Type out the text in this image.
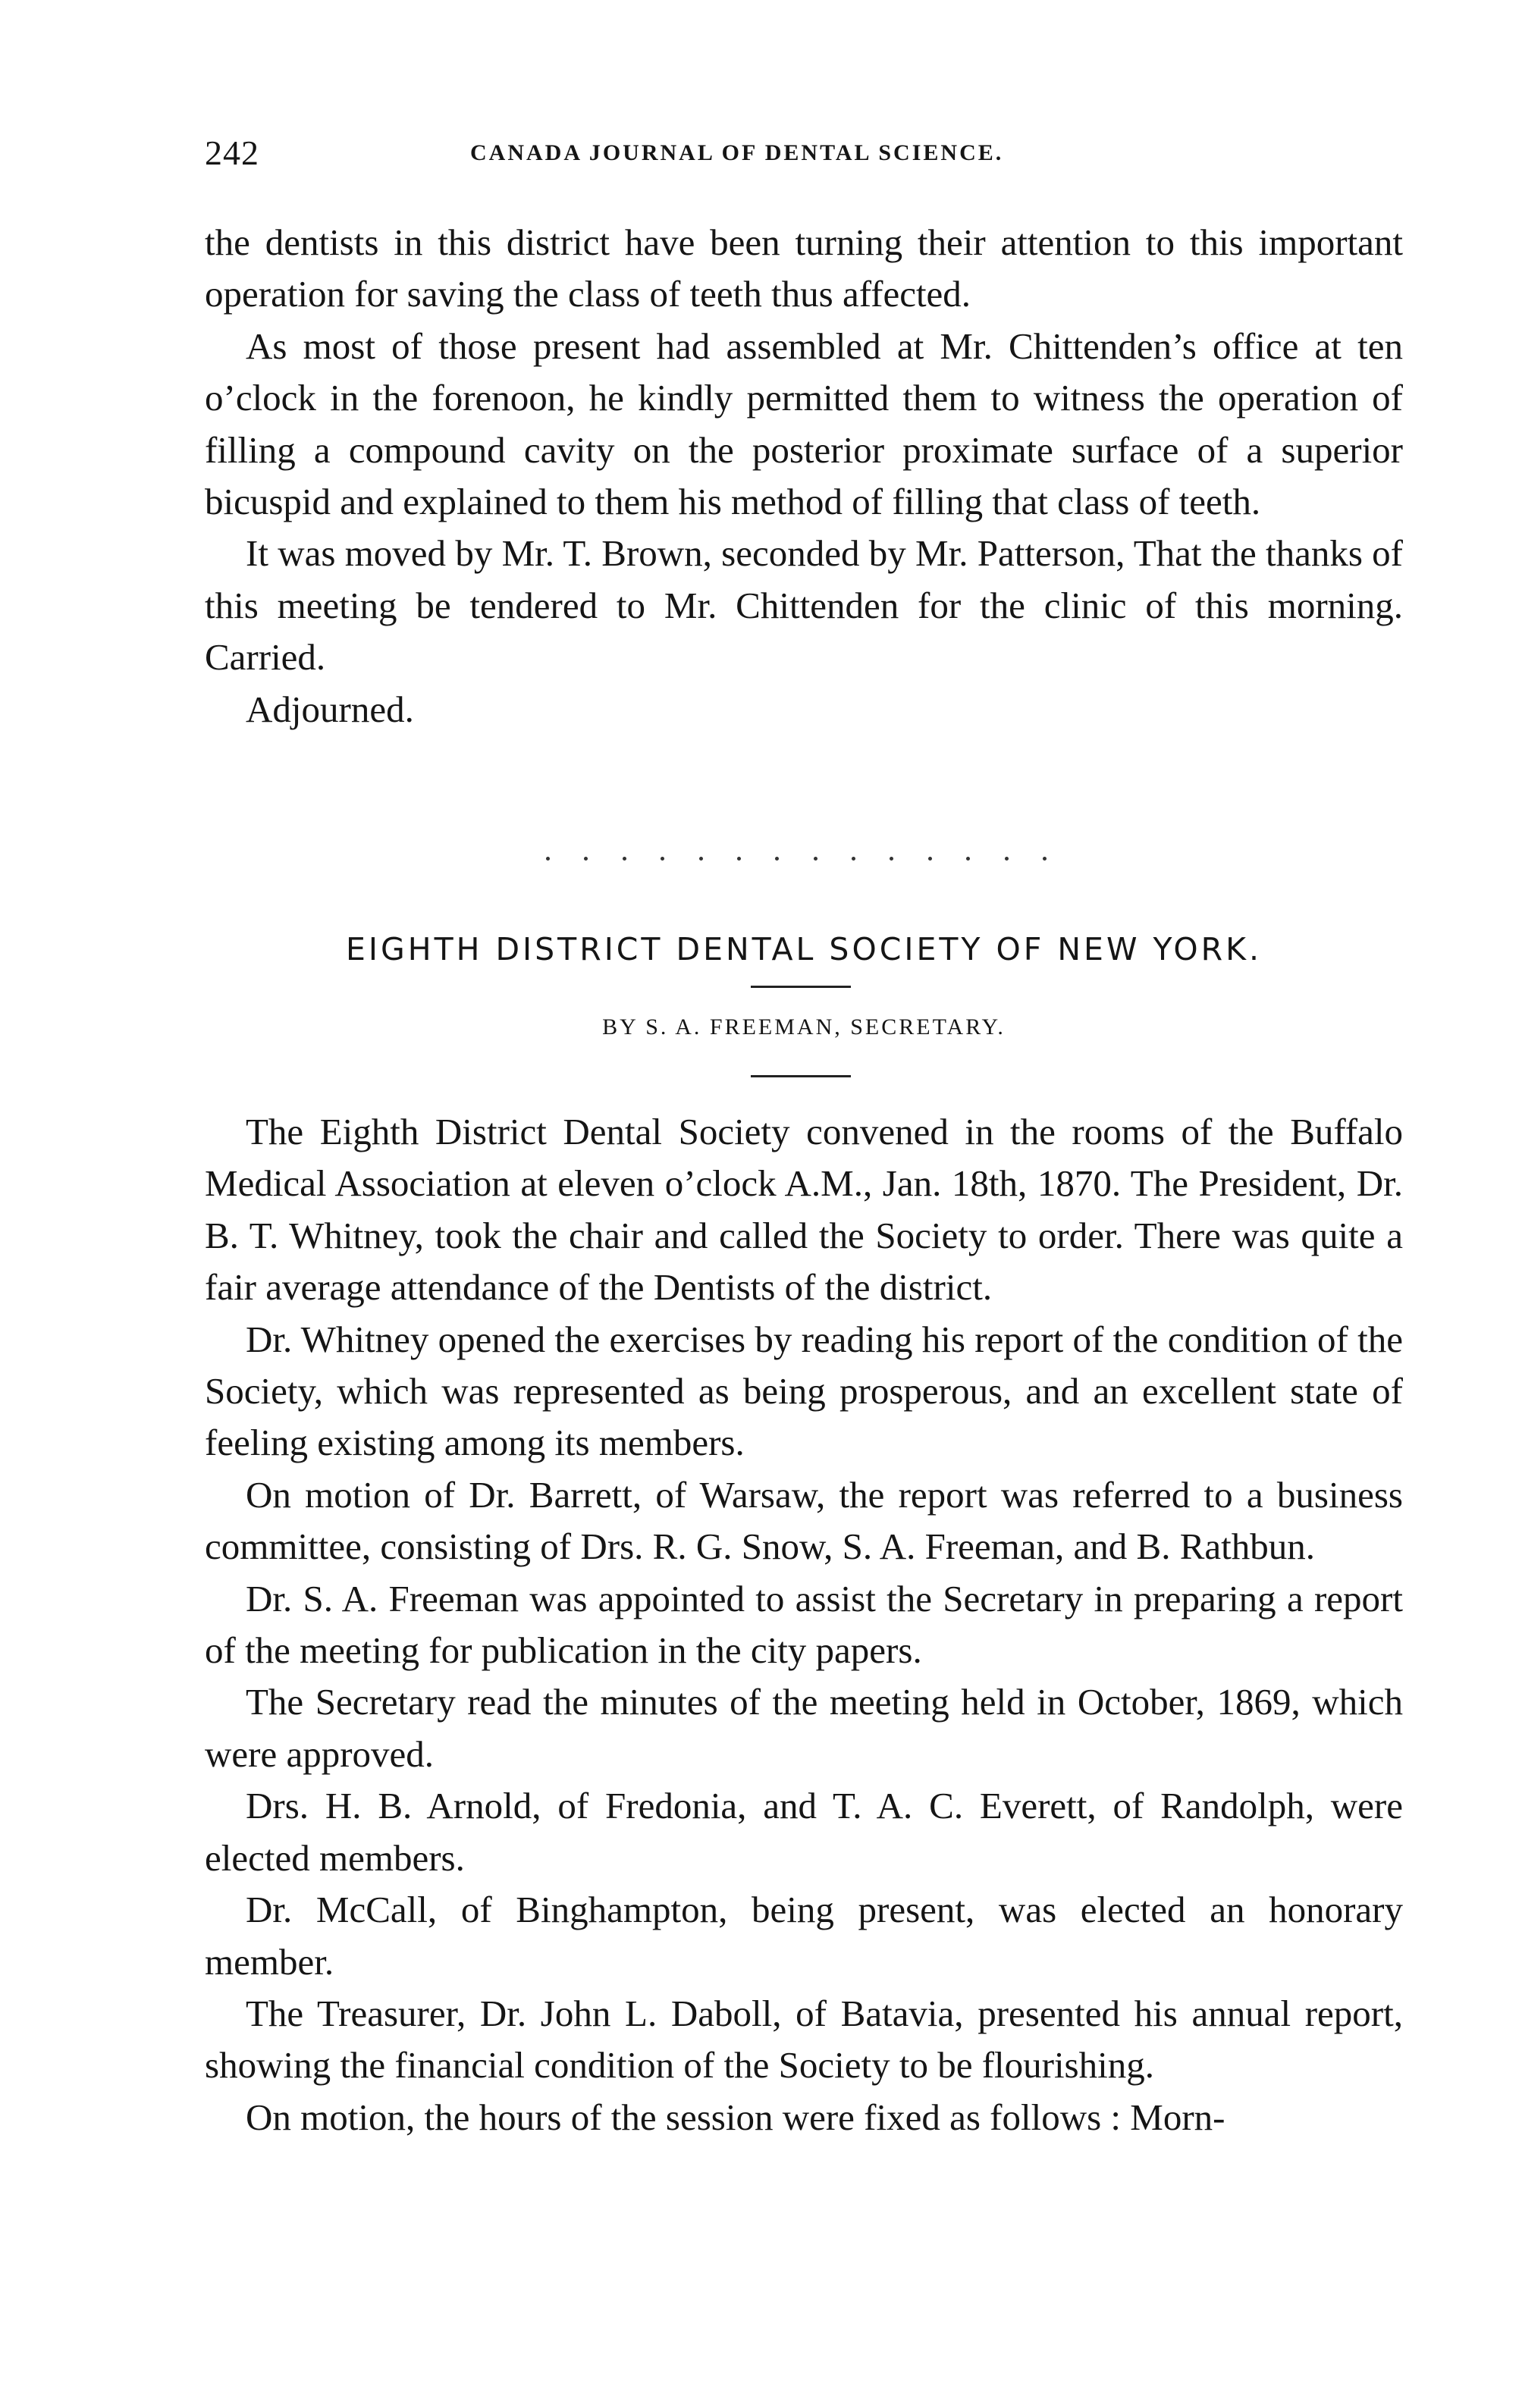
242	CANADA JOURNAL OF DENTAL SCIENCE.

the dentists in this district have been turning their attention to this important operation for saving the class of teeth thus affected.

As most of those present had assembled at Mr. Chittenden’s office at ten o’clock in the forenoon, he kindly permitted them to witness the operation of filling a compound cavity on the posterior proximate surface of a superior bicuspid and explained to them his method of filling that class of teeth.

It was moved by Mr. T. Brown, seconded by Mr. Patterson, That the thanks of this meeting be tendered to Mr. Chittenden for the clinic of this morning. Carried.

Adjourned.

EIGHTH DISTRICT DENTAL SOCIETY OF NEW YORK.
BY S. A. FREEMAN, SECRETARY.

The Eighth District Dental Society convened in the rooms of the Buffalo Medical Association at eleven o’clock A.M., Jan. 18th, 1870. The President, Dr. B. T. Whitney, took the chair and called the Society to order. There was quite a fair average attendance of the Dentists of the district.

Dr. Whitney opened the exercises by reading his report of the condition of the Society, which was represented as being prosperous, and an excellent state of feeling existing among its members.

On motion of Dr. Barrett, of Warsaw, the report was referred to a business committee, consisting of Drs. R. G. Snow, S. A. Freeman, and B. Rathbun.

Dr. S. A. Freeman was appointed to assist the Secretary in preparing a report of the meeting for publication in the city papers.

The Secretary read the minutes of the meeting held in October, 1869, which were approved.

Drs. H. B. Arnold, of Fredonia, and T. A. C. Everett, of Randolph, were elected members.

Dr. McCall, of Binghampton, being present, was elected an honorary member.

The Treasurer, Dr. John L. Daboll, of Batavia, presented his annual report, showing the financial condition of the Society to be flourishing.

On motion, the hours of the session were fixed as follows : Morn-
